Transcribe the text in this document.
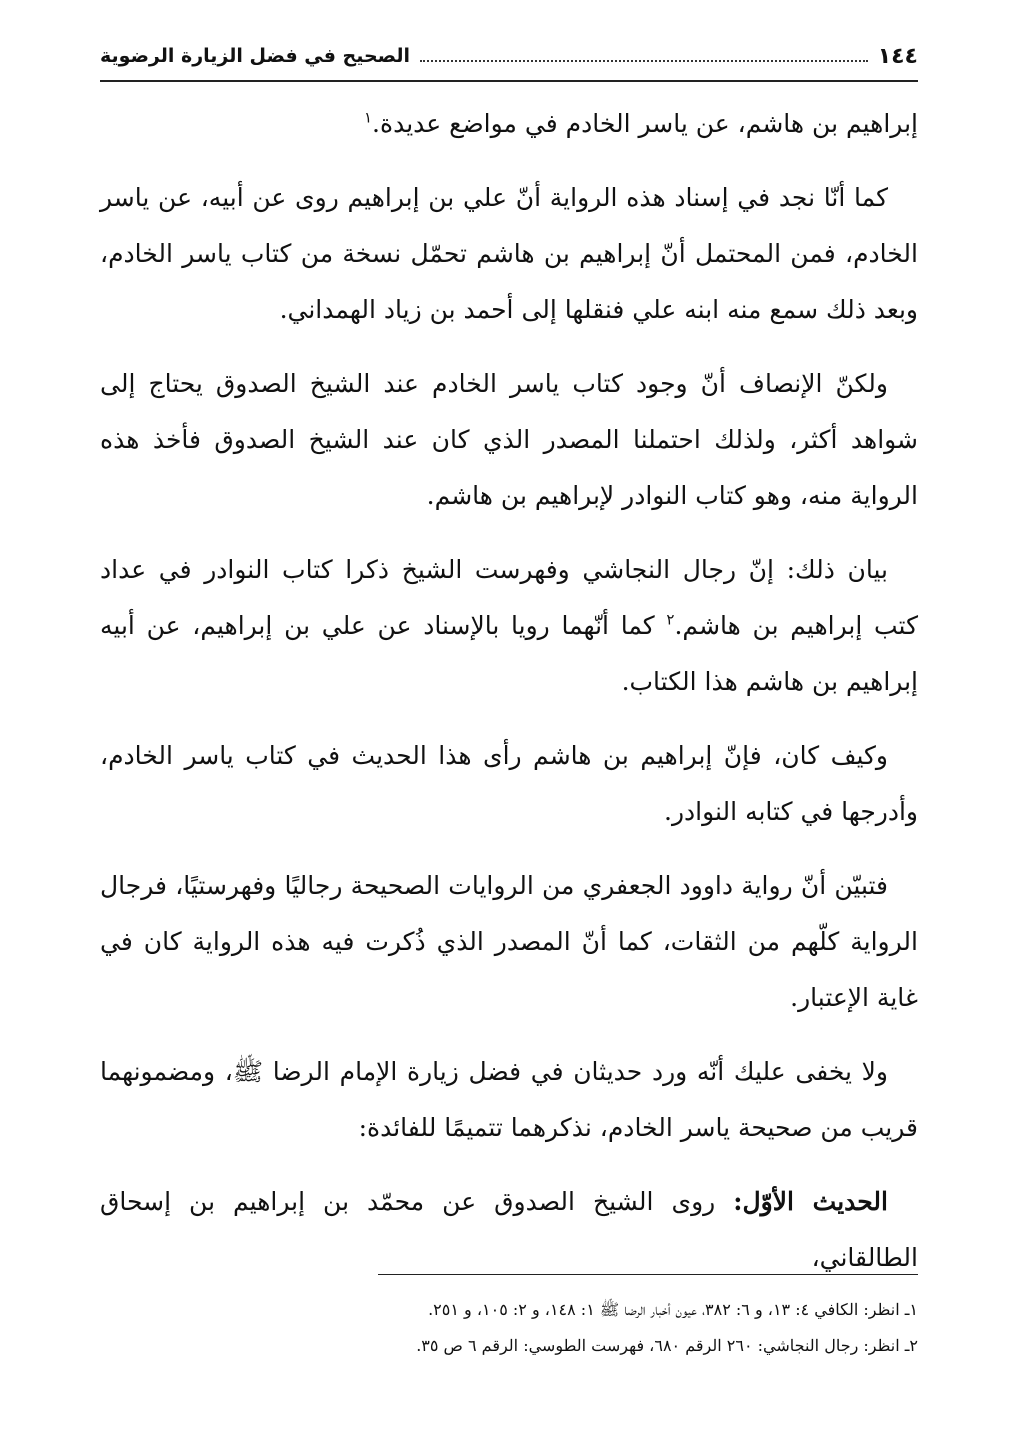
١٤٤
الصحيح في فضل الزيارة الرضوية

إبراهيم بن هاشم، عن ياسر الخادم في مواضع عديدة.$^١$

كما أنّا نجد في إسناد هذه الرواية أنّ علي بن إبراهيم روى عن أبيه، عن ياسر الخادم، فمن المحتمل أنّ إبراهيم بن هاشم تحمّل نسخة من كتاب ياسر الخادم، وبعد ذلك سمع منه ابنه علي فنقلها إلى أحمد بن زياد الهمداني.

ولكنّ الإنصاف أنّ وجود كتاب ياسر الخادم عند الشيخ الصدوق يحتاج إلى شواهد أكثر، ولذلك احتملنا المصدر الذي كان عند الشيخ الصدوق فأخذ هذه الرواية منه، وهو كتاب النوادر لإبراهيم بن هاشم.

بيان ذلك: إنّ رجال النجاشي وفهرست الشيخ ذكرا كتاب النوادر في عداد كتب إبراهيم بن هاشم.$^٢$ كما أنّهما رويا بالإسناد عن علي بن إبراهيم، عن أبيه إبراهيم بن هاشم هذا الكتاب.

وكيف كان، فإنّ إبراهيم بن هاشم رأى هذا الحديث في كتاب ياسر الخادم، وأدرجها في كتابه النوادر.

فتبيّن أنّ رواية داوود الجعفري من الروايات الصحيحة رجاليًا وفهرستيًا، فرجال الرواية كلّهم من الثقات، كما أنّ المصدر الذي ذُكرت فيه هذه الرواية كان في غاية الإعتبار.

ولا يخفى عليك أنّه ورد حديثان في فضل زيارة الإمام الرضا ﷺ، ومضمونهما قريب من صحيحة ياسر الخادم، نذكرهما تتميمًا للفائدة:

الحديث الأوّل: روى الشيخ الصدوق عن محمّد بن إبراهيم بن إسحاق الطالقاني،

١ـ انظر: الكافي ٤: ١٣، و ٦: ٣٨٢، عيون أخبار الرضا ﷺ ١: ١٤٨، و ٢: ١٠٥، و ٢٥١.

٢ـ انظر: رجال النجاشي: ٢٦٠ الرقم ٦٨٠، فهرست الطوسي: الرقم ٦ ص ٣٥.
